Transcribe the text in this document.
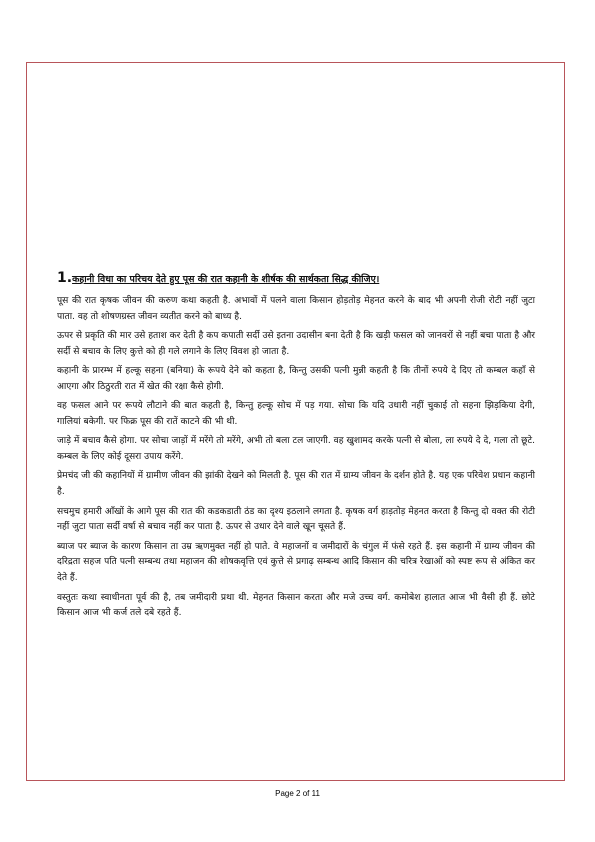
1.कहानी विधा का परिचय देते हुए पूस की रात कहानी के शीर्षक की सार्थकता सिद्ध कीजिए।

पूस की रात कृषक जीवन की करुण कथा कहती है. अभावों में पलने वाला किसान होड़तोड़ मेहनत करने के बाद भी अपनी रोजी रोटी नहीं जुटा पाता. वह तो शोषणग्रस्त जीवन व्यतीत करने को बाध्य है.

ऊपर से प्रकृति की मार उसे हताश कर देती है कप कपाती सर्दी उसे इतना उदासीन बना देती है कि खड़ी फसल को जानवरों से नहीं बचा पाता है और सर्दी से बचाव के लिए कुत्ते को ही गले लगाने के लिए विवश हो जाता है.

कहानी के प्रारम्भ में हल्कू सहना (बनिया) के रूपये देने को कहता है, किन्तु उसकी पत्नी मुन्नी कहती है कि तीनों रुपये दे दिए तो कम्बल कहाँ से आएगा और ठिठुरती रात में खेत की रक्षा कैसे होगी.

वह फसल आने पर रूपये लौटाने की बात कहती है, किन्तु हल्कू सोच में पड़ गया. सोचा कि यदि उधारी नहीं चुकाई तो सहना झिड़किया देगी, गालियां बकेगी. पर फिक्र पूस की रातें काटने की भी थी.

जाड़े में बचाव कैसे होगा. पर सोचा जाड़ों में मरेंगे तो मरेंगे, अभी तो बला टल जाएगी. वह खुशामद करके पत्नी से बोला, ला रुपये दे दे, गला तो छूटे. कम्बल के लिए कोई दूसरा उपाय करेंगे.

प्रेमचंद जी की कहानियों में ग्रामीण जीवन की झांकी देखने को मिलती है. पूस की रात में ग्राम्य जीवन के दर्शन होते है. यह एक परिवेश प्रधान कहानी है.

सचमुच हमारी आँखों के आगे पूस की रात की कडकडाती ठंड का दृश्य इठलाने लगता है. कृषक वर्ग हाड़तोड़ मेहनत करता है किन्तु दो वक्त की रोटी नहीं जुटा पाता सर्दी वर्षा से बचाव नहीं कर पाता है. ऊपर से उधार देने वाले खून चूसते हैं.

ब्याज पर ब्याज के कारण किसान ता उम्र ऋणमुक्त नहीं हो पाते. वे महाजनों व जमीदारों के चंगुल में फंसे रहते हैं. इस कहानी में ग्राम्य जीवन की दरिद्रता सहज पति पत्नी सम्बन्ध तथा महाजन की शोषकवृत्ति एवं कुत्ते से प्रगाढ़ सम्बन्ध आदि किसान की चरित्र रेखाओं को स्पष्ट रूप से अंकित कर देते हैं.

वस्तुतः कथा स्वाधीनता पूर्व की है, तब जमीदारी प्रथा थी. मेहनत किसान करता और मजे उच्च वर्ग. कमोबेश हालात आज भी वैसी ही हैं. छोटे किसान आज भी कर्ज तले दबे रहते हैं.

Page 2 of 11
